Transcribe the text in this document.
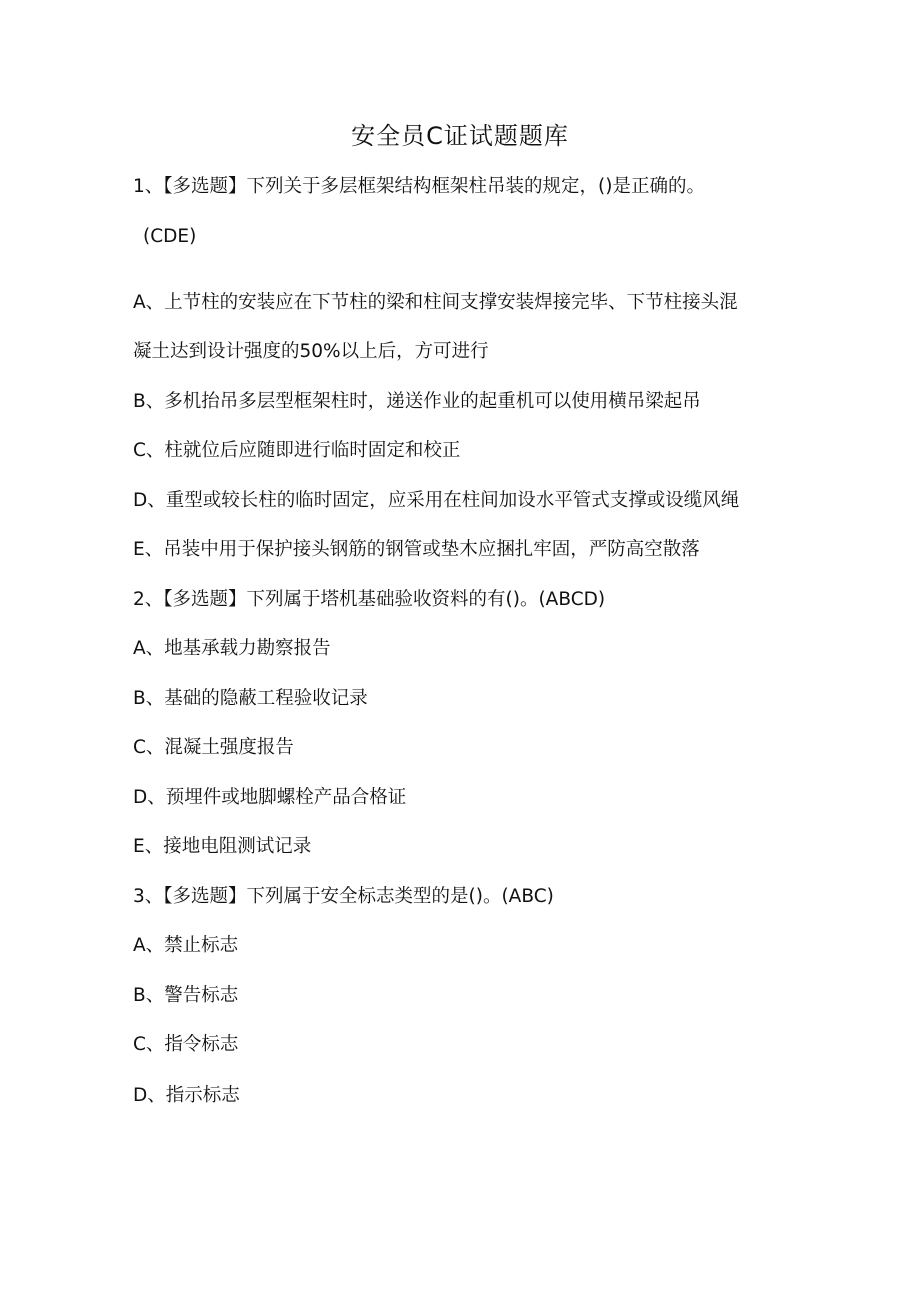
安全员C证试题题库
1、【多选题】下列关于多层框架结构框架柱吊装的规定，()是正确的。
(CDE)
A、上节柱的安装应在下节柱的梁和柱间支撑安装焊接完毕、下节柱接头混
凝土达到设计强度的50%以上后，方可进行
B、多机抬吊多层型框架柱时，递送作业的起重机可以使用横吊梁起吊
C、柱就位后应随即进行临时固定和校正
D、重型或较长柱的临时固定，应采用在柱间加设水平管式支撑或设缆风绳
E、吊装中用于保护接头钢筋的钢管或垫木应捆扎牢固，严防高空散落
2、【多选题】下列属于塔机基础验收资料的有()。(ABCD)
A、地基承载力勘察报告
B、基础的隐蔽工程验收记录
C、混凝土强度报告
D、预埋件或地脚螺栓产品合格证
E、接地电阻测试记录
3、【多选题】下列属于安全标志类型的是()。(ABC)
A、禁止标志
B、警告标志
C、指令标志
D、指示标志
